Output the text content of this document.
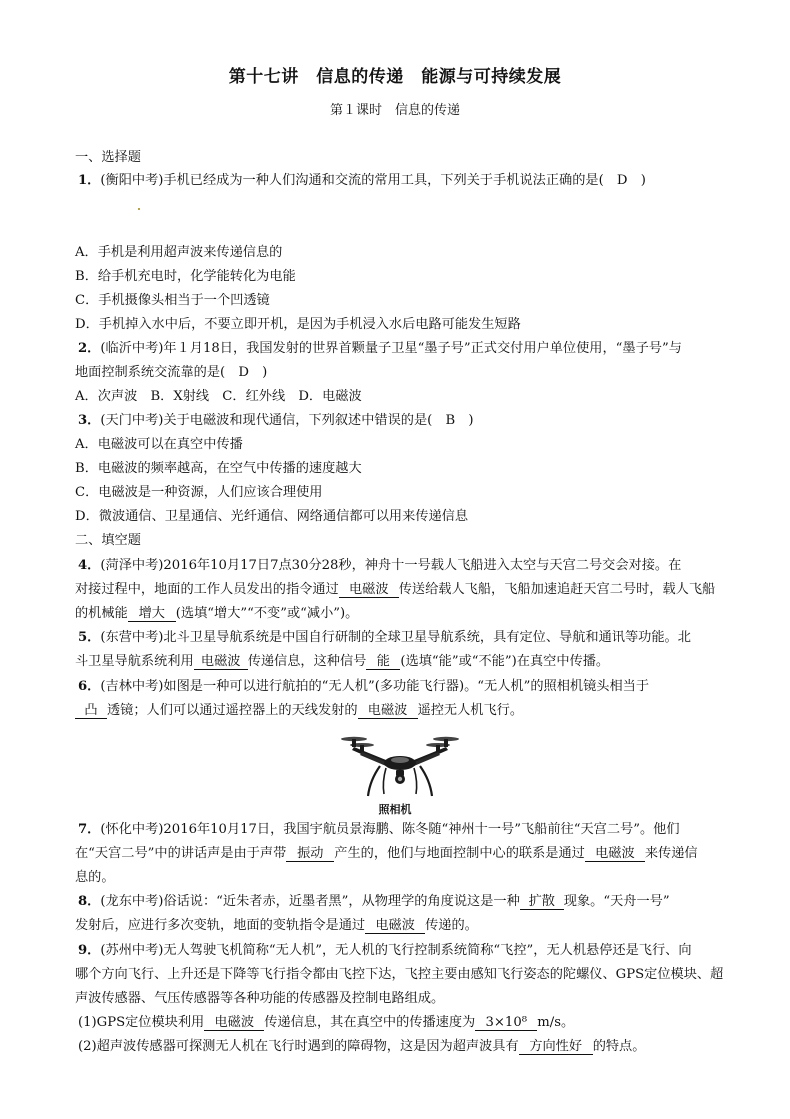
第十七讲　信息的传递　能源与可持续发展
第１课时　信息的传递
一、选择题
1．(衡阳中考)手机已经成为一种人们沟通和交流的常用工具，下列关于手机说法正确的是(　D　)
A．手机是利用超声波来传递信息的
B．给手机充电时，化学能转化为电能
C．手机摄像头相当于一个凹透镜
D．手机掉入水中后，不要立即开机，是因为手机浸入水后电路可能发生短路
2．(临沂中考)年１月18日，我国发射的世界首颗量子卫星“墨子号”正式交付用户单位使用，“墨子号”与
地面控制系统交流靠的是(　D　)
A．次声波　B．X射线　C．红外线　D．电磁波
3．(天门中考)关于电磁波和现代通信，下列叙述中错误的是(　B　)
A．电磁波可以在真空中传播
B．电磁波的频率越高，在空气中传播的速度越大
C．电磁波是一种资源，人们应该合理使用
D．微波通信、卫星通信、光纤通信、网络通信都可以用来传递信息
二、填空题
4．(菏泽中考)2016年10月17日7点30分28秒，神舟十一号载人飞船进入太空与天宫二号交会对接。在
对接过程中，地面的工作人员发出的指令通过 电磁波 传送给载人飞船，飞船加速追赶天宫二号时，载人飞船
的机械能 增大 (选填“增大”“不变”或“减小”)。
5．(东营中考)北斗卫星导航系统是中国自行研制的全球卫星导航系统，具有定位、导航和通讯等功能。北
斗卫星导航系统利用 电磁波 传递信息，这种信号 能 (选填“能”或“不能”)在真空中传播。
6．(吉林中考)如图是一种可以进行航拍的“无人机”(多功能飞行器)。“无人机”的照相机镜头相当于
凸 透镜；人们可以通过遥控器上的天线发射的 电磁波 遥控无人机飞行。
照相机
7．(怀化中考)2016年10月17日，我国宇航员景海鹏、陈冬随“神州十一号”飞船前往“天宫二号”。他们
在“天宫二号”中的讲话声是由于声带 振动 产生的，他们与地面控制中心的联系是通过 电磁波 来传递信
息的。
8．(龙东中考)俗话说：“近朱者赤，近墨者黑”，从物理学的角度说这是一种 扩散 现象。“天舟一号”
发射后，应进行多次变轨，地面的变轨指令是通过 电磁波 传递的。
9．(苏州中考)无人驾驶飞机简称“无人机”，无人机的飞行控制系统简称“飞控”，无人机悬停还是飞行、向
哪个方向飞行、上升还是下降等飞行指令都由飞控下达，飞控主要由感知飞行姿态的陀螺仪、GPS定位模块、超
声波传感器、气压传感器等各种功能的传感器及控制电路组成。
(1)GPS定位模块利用 电磁波 传递信息，其在真空中的传播速度为 3×10⁸ m/s。
(2)超声波传感器可探测无人机在飞行时遇到的障碍物，这是因为超声波具有 方向性好 的特点。
